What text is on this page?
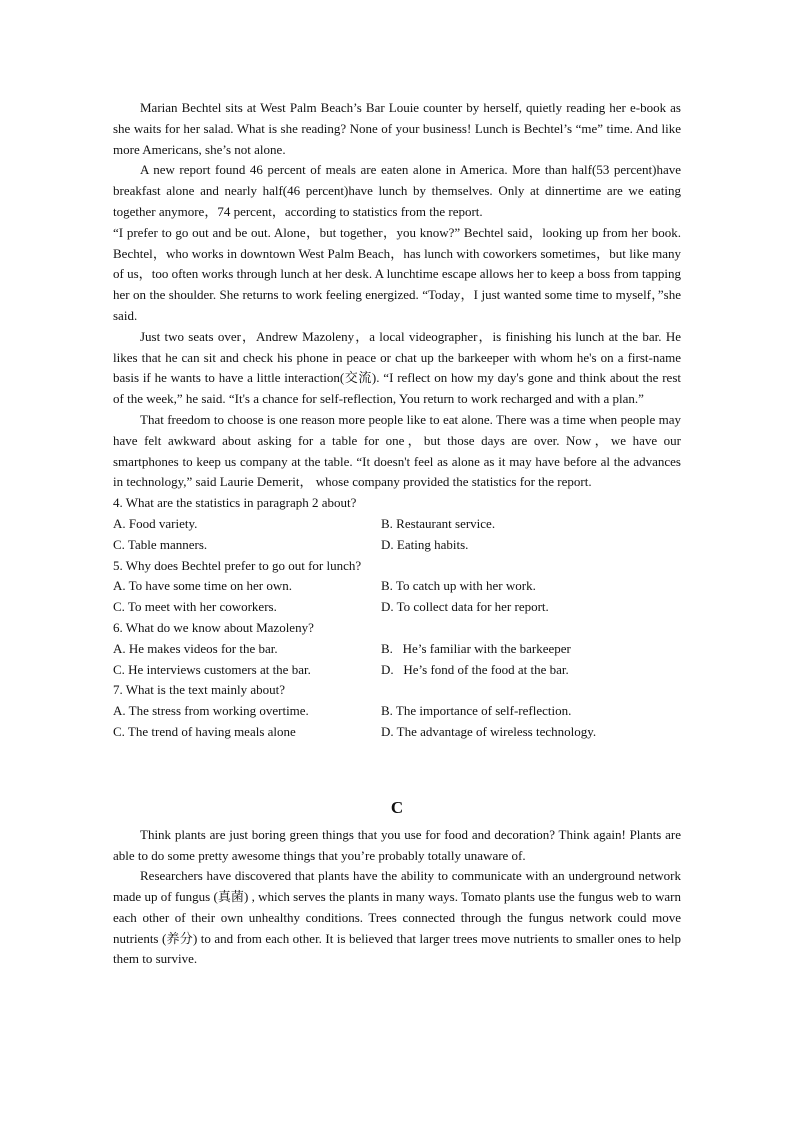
Marian Bechtel sits at West Palm Beach’s Bar Louie counter by herself, quietly reading her e-book as she waits for her salad. What is she reading? None of your business! Lunch is Bechtel’s “me” time. And like more Americans, she’s not alone.

A new report found 46 percent of meals are eaten alone in America. More than half(53 percent)have breakfast alone and nearly half(46 percent)have lunch by themselves. Only at dinnertime are we eating together anymore，74 percent，according to statistics from the report.

“I prefer to go out and be out. Alone，but together，you know?” Bechtel said，looking up from her book. Bechtel，who works in downtown West Palm Beach，has lunch with coworkers sometimes，but like many of us，too often works through lunch at her desk. A lunchtime escape allows her to keep a boss from tapping her on the shoulder. She returns to work feeling energized. “Today，I just wanted some time to myself，”she said.

Just two seats over，Andrew Mazoleny，a local videographer，is finishing his lunch at the bar. He likes that he can sit and check his phone in peace or chat up the barkeeper with whom he's on a first-name basis if he wants to have a little interaction(交流). “I reflect on how my day's gone and think about the rest of the week,” he said. “It's a chance for self-reflection, You return to work recharged and with a plan.”

That freedom to choose is one reason more people like to eat alone. There was a time when people may have felt awkward about asking for a table for one，but those days are over. Now，we have our smartphones to keep us company at the table. “It doesn't feel as alone as it may have before al the advances in technology,” said Laurie Demerit， whose company provided the statistics for the report.

4. What are the statistics in paragraph 2 about?

A. Food variety.	B. Restaurant service.
C. Table manners.	D. Eating habits.

5. Why does Bechtel prefer to go out for lunch?

A. To have some time on her own.	B. To catch up with her work.
C. To meet with her coworkers.	D. To collect data for her report.

6. What do we know about Mazoleny?

A. He makes videos for the bar.	B.   He’s familiar with the barkeeper
C. He interviews customers at the bar.	D.   He’s fond of the food at the bar.

7. What is the text mainly about?

A. The stress from working overtime.	B. The importance of self-reflection.
C. The trend of having meals alone	D. The advantage of wireless technology.
C

Think plants are just boring green things that you use for food and decoration? Think again! Plants are able to do some pretty awesome things that you’re probably totally unaware of.

Researchers have discovered that plants have the ability to communicate with an underground network made up of fungus (真菌) , which serves the plants in many ways. Tomato plants use the fungus web to warn each other of their own unhealthy conditions. Trees connected through the fungus network could move nutrients (养分) to and from each other. It is believed that larger trees move nutrients to smaller ones to help them to survive.
